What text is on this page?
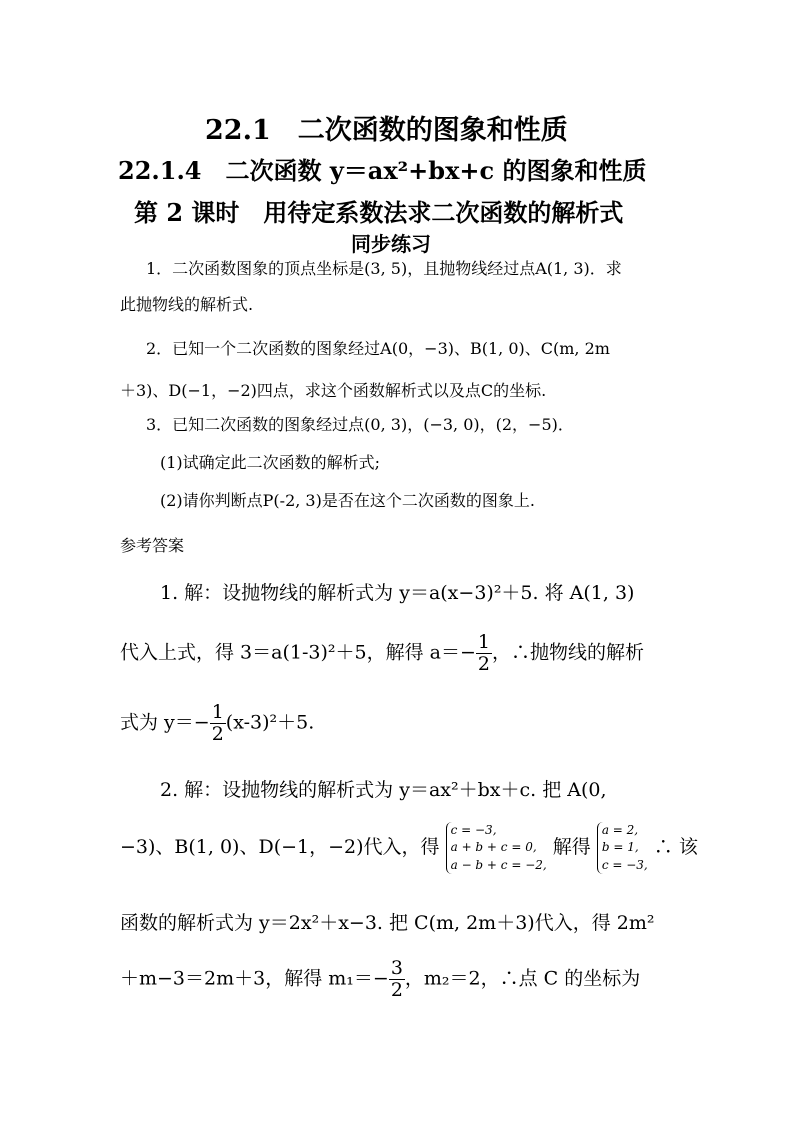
22.1　二次函数的图象和性质
22.1.4　二次函数 y＝ax²+bx+c 的图象和性质
第 2 课时　用待定系数法求二次函数的解析式
同步练习
1．二次函数图象的顶点坐标是(3, 5)，且抛物线经过点A(1, 3)．求
此抛物线的解析式.
2．已知一个二次函数的图象经过A(0，−3)、B(1, 0)、C(m, 2m
＋3)、D(−1，−2)四点，求这个函数解析式以及点C的坐标.
3．已知二次函数的图象经过点(0, 3)，(−3, 0)，(2，−5)．
(1)试确定此二次函数的解析式;
(2)请你判断点P(-2, 3)是否在这个二次函数的图象上.
参考答案
1. 解：设抛物线的解析式为 y＝a(x−3)²＋5. 将 A(1, 3)
代入上式，得 3＝a(1-3)²＋5，解得 $a=- \frac{1}{2}$ ，∴抛物线的解析
式为 $y=- \frac{1}{2} (x-3)^2+5$.
2. 解：设抛物线的解析式为 y＝ax²＋bx＋c. 把 A(0,
−3)、B(1, 0)、D(−1，−2)代入，得
c = −3,
a + b + c = 0,
a − b + c = −2,
解得
a = 2,
b = 1,
c = −3,
∴ 该
函数的解析式为 y＝2x²＋x−3. 把 C(m, 2m＋3)代入，得 2m²
＋m−3＝2m＋3，解得 $m_1=- \frac{3}{2}$ ，m₂＝2，∴点 C 的坐标为
